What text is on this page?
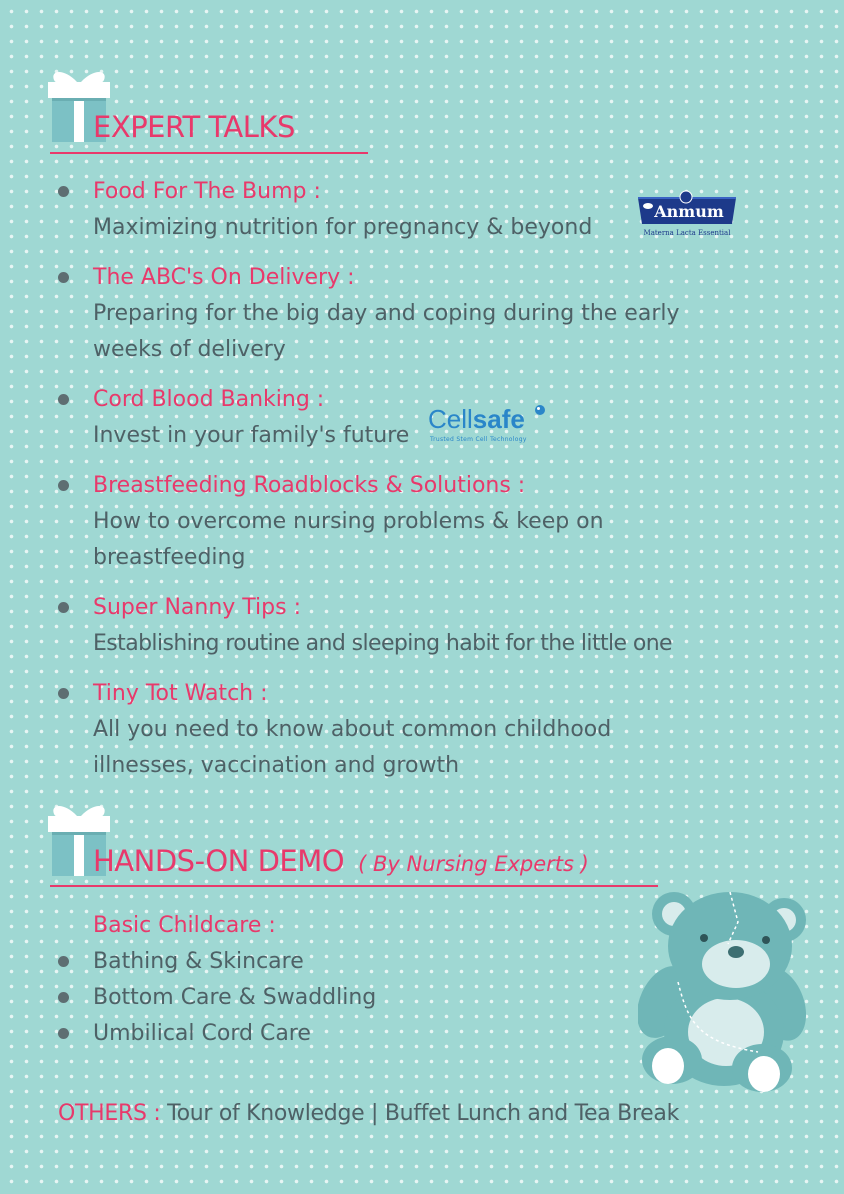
EXPERT TALKS
Food For The Bump :
Maximizing nutrition for pregnancy & beyond
Anmum
Materna Lacta Essential
The ABC's On Delivery :
Preparing for the big day and coping during the early weeks of delivery
Cord Blood Banking :
Invest in your family's future
Cellsafe
Trusted Stem Cell Technology
Breastfeeding Roadblocks & Solutions :
How to overcome nursing problems & keep on breastfeeding
Super Nanny Tips :
Establishing routine and sleeping habit for the little one
Tiny Tot Watch :
All you need to know about common childhood illnesses, vaccination and growth
HANDS-ON DEMO ( By Nursing Experts )
Basic Childcare :
Bathing & Skincare
Bottom Care & Swaddling
Umbilical Cord Care
OTHERS : Tour of Knowledge | Buffet Lunch and Tea Break
